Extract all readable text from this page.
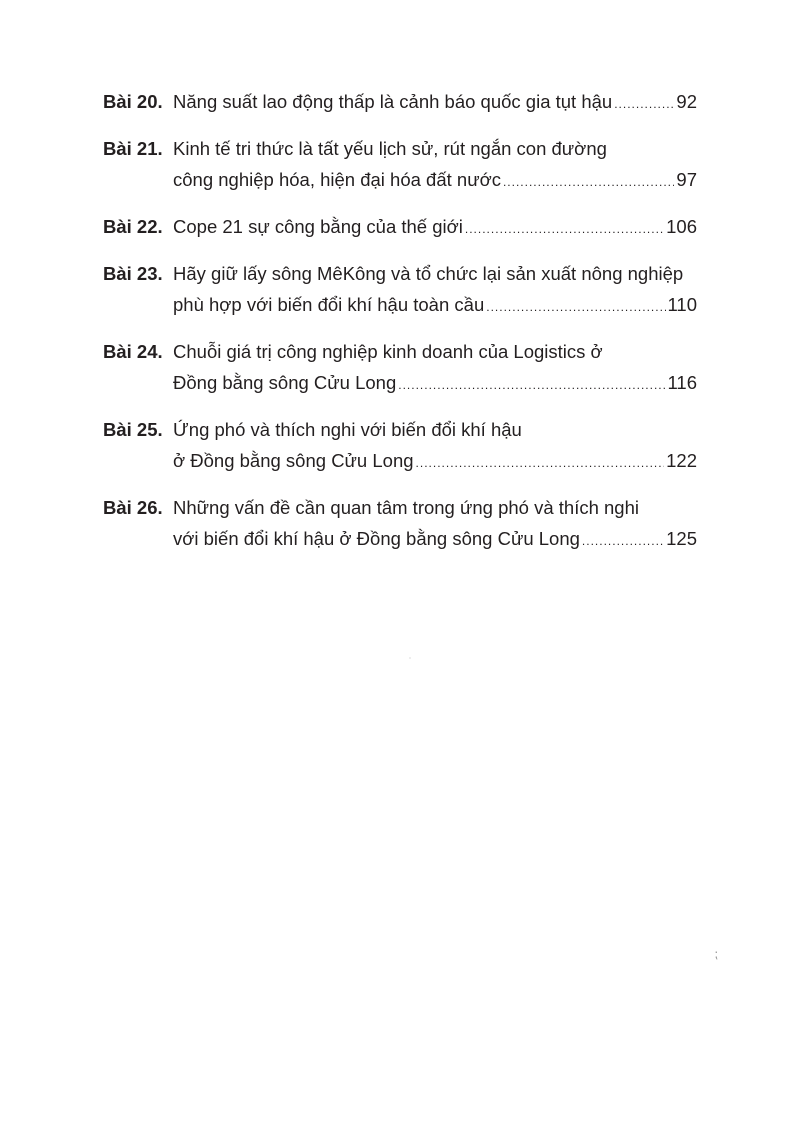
Bài 20. Năng suất lao động thấp là cảnh báo quốc gia tụt hậu .....	92
Bài 21. Kinh tế tri thức là tất yếu lịch sử, rút ngắn con đường
công nghiệp hóa, hiện đại hóa đất nước .....	97
Bài 22. Cope 21 sự công bằng của thế giới .....	106
Bài 23. Hãy giữ lấy sông MêKông và tổ chức lại sản xuất nông nghiệp
phù hợp với biến đổi khí hậu toàn cầu .....	110
Bài 24. Chuỗi giá trị công nghiệp kinh doanh của Logistics ở
Đồng bằng sông Cửu Long .....	116
Bài 25. Ứng phó và thích nghi với biến đổi khí hậu
ở Đồng bằng sông Cửu Long .....	122
Bài 26. Những vấn đề cần quan tâm trong ứng phó và thích nghi
với biến đổi khí hậu ở Đồng bằng sông Cửu Long .....	125
⁏
ˈ
